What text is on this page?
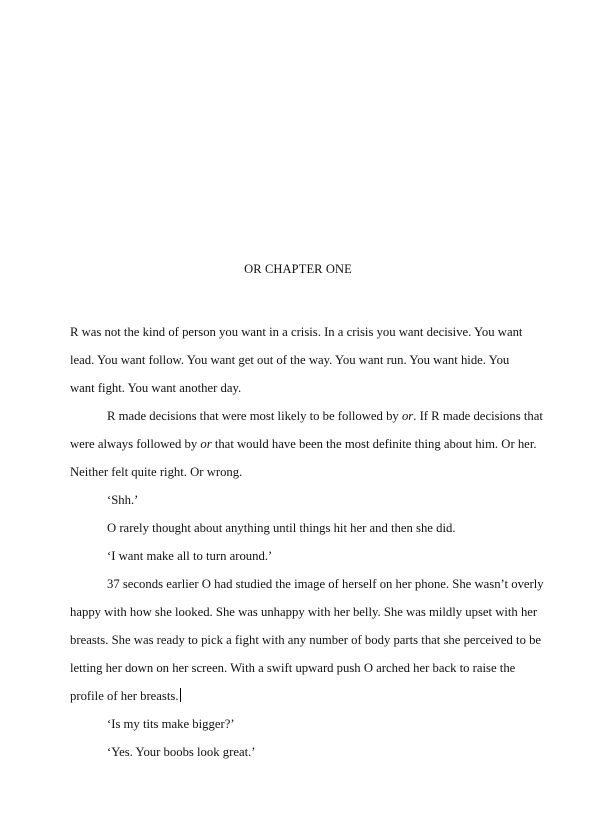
OR CHAPTER ONE

R was not the kind of person you want in a crisis. In a crisis you want decisive. You want
lead. You want follow. You want get out of the way. You want run. You want hide. You
want fight. You want another day.

R made decisions that were most likely to be followed by or. If R made decisions that
were always followed by or that would have been the most definite thing about him. Or her.
Neither felt quite right. Or wrong.

‘Shh.’

O rarely thought about anything until things hit her and then she did.

‘I want make all to turn around.’

37 seconds earlier O had studied the image of herself on her phone. She wasn’t overly
happy with how she looked. She was unhappy with her belly. She was mildly upset with her
breasts. She was ready to pick a fight with any number of body parts that she perceived to be
letting her down on her screen. With a swift upward push O arched her back to raise the
profile of her breasts.

‘Is my tits make bigger?’

‘Yes. Your boobs look great.’
